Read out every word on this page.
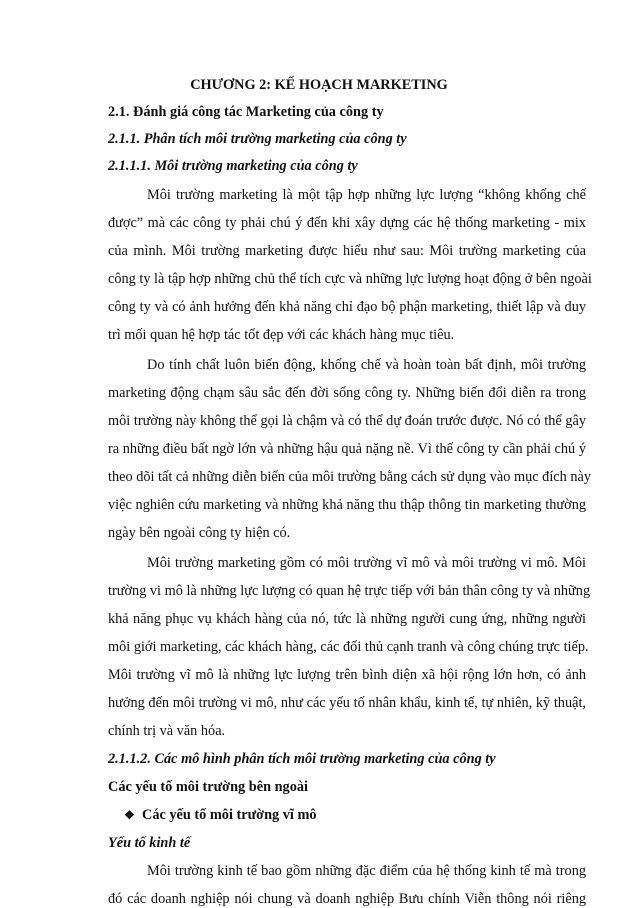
CHƯƠNG 2: KẾ HOẠCH MARKETING
2.1. Đánh giá công tác Marketing của công ty
2.1.1. Phân tích môi trường marketing của công ty
2.1.1.1. Môi trường marketing của công ty
Môi trường marketing là một tập hợp những lực lượng “không khống chế
được” mà các công ty phải chú ý đến khi xây dựng các hệ thống marketing - mix
của mình. Môi trường marketing được hiểu như sau: Môi trường marketing của
công ty là tập hợp những chủ thể tích cực và những lực lượng hoạt động ở bên ngoài
công ty và có ảnh hưởng đến khả năng chỉ đạo bộ phận marketing, thiết lập và duy
trì mối quan hệ hợp tác tốt đẹp với các khách hàng mục tiêu.
Do tính chất luôn biến động, khống chế và hoàn toàn bất định, môi trường
marketing động chạm sâu sắc đến đời sống công ty. Những biến đổi diễn ra trong
môi trường này không thể gọi là chậm và có thể dự đoán trước được. Nó có thể gây
ra những điều bất ngờ lớn và những hậu quả nặng nề. Vì thế công ty cần phải chú ý
theo dõi tất cả những diễn biến của môi trường bằng cách sử dụng vào mục đích này
việc nghiên cứu marketing và những khả năng thu thập thông tin marketing thường
ngày bên ngoài công ty hiện có.
Môi trường marketing gồm có môi trường vĩ mô và môi trường vi mô. Môi
trường vi mô là những lực lượng có quan hệ trực tiếp với bản thân công ty và những
khả năng phục vụ khách hàng của nó, tức là những người cung ứng, những người
môi giới marketing, các khách hàng, các đối thủ cạnh tranh và công chúng trực tiếp.
Môi trường vĩ mô là những lực lượng trên bình diện xã hội rộng lớn hơn, có ảnh
hưởng đến môi trường vi mô, như các yếu tố nhân khẩu, kinh tế, tự nhiên, kỹ thuật,
chính trị và văn hóa.
2.1.1.2. Các mô hình phân tích môi trường marketing của công ty
Các yếu tố môi trường bên ngoài
❖ Các yếu tố môi trường vĩ mô
Yếu tố kinh tế
Môi trường kinh tế bao gồm những đặc điểm của hệ thống kinh tế mà trong
đó các doanh nghiệp nói chung và doanh nghiệp Bưu chính Viễn thông nói riêng
